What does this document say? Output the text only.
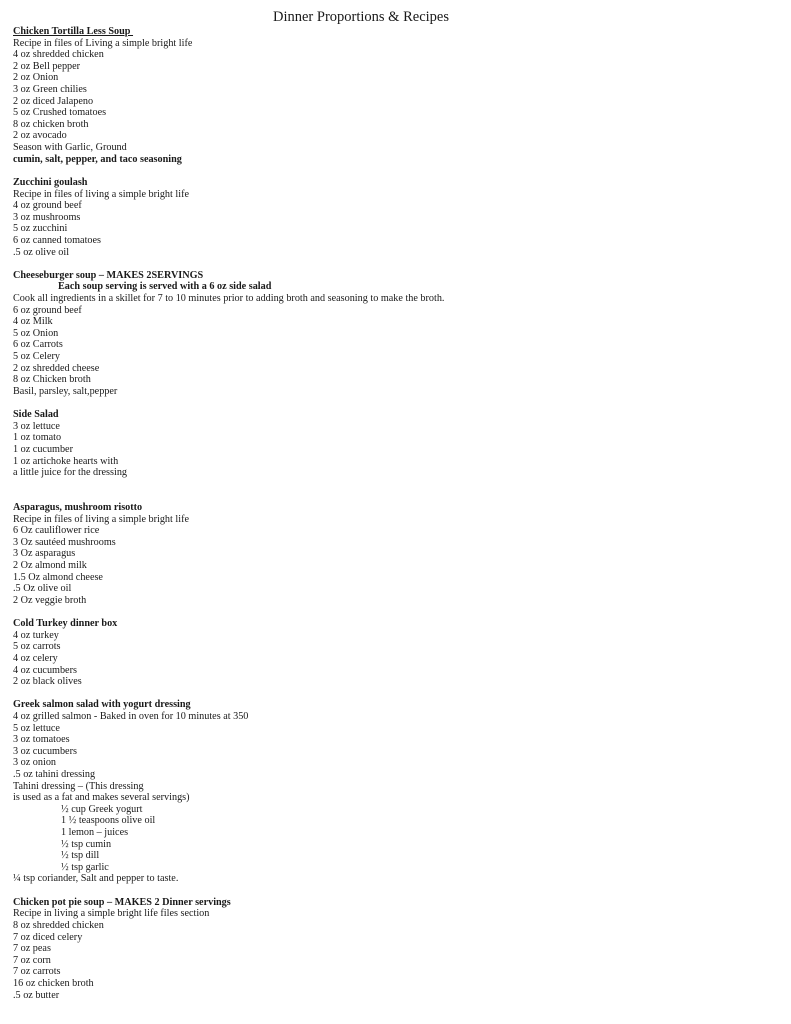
Dinner Proportions & Recipes
Chicken Tortilla Less Soup
Recipe in files of Living a simple bright life
4 oz shredded chicken
2 oz Bell pepper
2 oz Onion
3 oz Green chilies
2 oz diced Jalapeno
5 oz Crushed tomatoes
8 oz chicken broth
2 oz avocado
Season with Garlic, Ground
cumin, salt, pepper, and taco seasoning
Zucchini goulash
Recipe in files of living a simple bright life
4 oz ground beef
3 oz mushrooms
5 oz zucchini
6 oz canned tomatoes
.5 oz olive oil
Cheeseburger soup – MAKES 2SERVINGS
Each soup serving is served with a 6 oz side salad
Cook all ingredients in a skillet for 7 to 10 minutes prior to adding broth and seasoning to make the broth.
6 oz ground beef
4 oz Milk
5 oz Onion
6 oz Carrots
5 oz Celery
2 oz shredded cheese
8 oz Chicken broth
Basil, parsley, salt,pepper
Side Salad
3 oz lettuce
1 oz tomato
1 oz cucumber
1 oz artichoke hearts with
a little juice for the dressing
Asparagus, mushroom risotto
Recipe in files of living a simple bright life
6 Oz cauliflower rice
3 Oz sautéed mushrooms
3 Oz asparagus
2 Oz almond milk
1.5 Oz almond cheese
.5 Oz olive oil
2 Oz veggie broth
Cold Turkey dinner box
4 oz turkey
5 oz carrots
4 oz celery
4 oz cucumbers
2 oz black olives
Greek salmon salad with yogurt dressing
4 oz grilled salmon - Baked in oven for 10 minutes at 350
5 oz lettuce
3 oz tomatoes
3 oz cucumbers
3 oz onion
.5 oz tahini dressing
Tahini dressing – (This dressing
is used as a fat and makes several servings)
½ cup Greek yogurt
1 ½ teaspoons olive oil
1 lemon – juices
½ tsp cumin
½ tsp dill
½ tsp garlic
¼ tsp coriander, Salt and pepper to taste.
Chicken pot pie soup – MAKES 2 Dinner servings
Recipe in living a simple bright life files section
8 oz shredded chicken
7 oz diced celery
7 oz peas
7 oz corn
7 oz carrots
16 oz chicken broth
.5 oz butter
